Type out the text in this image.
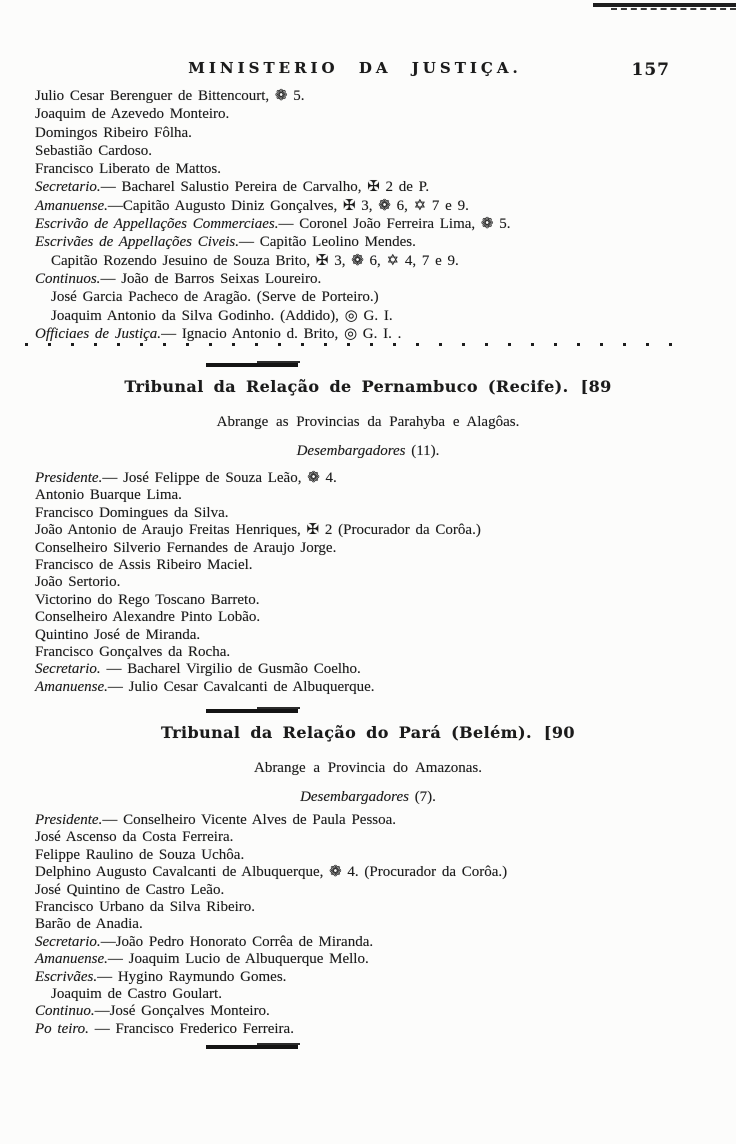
MINISTERIO DA JUSTIÇA.	157
Julio Cesar Berenguer de Bittencourt, ❁ 5.
Joaquim de Azevedo Monteiro.
Domingos Ribeiro Fôlha.
Sebastião Cardoso.
Francisco Liberato de Mattos.
Secretario.— Bacharel Salustio Pereira de Carvalho, ✠ 2 de P.
Amanuense.—Capitão Augusto Diniz Gonçalves, ✠ 3, ❁ 6, ✡ 7 e 9.
Escrivão de Appellações Commerciaes.— Coronel João Ferreira Lima, ❁ 5.
Escrivães de Appellações Civeis.— Capitão Leolino Mendes.
Capitão Rozendo Jesuino de Souza Brito, ✠ 3, ❁ 6, ✡ 4, 7 e 9.
Continuos.— João de Barros Seixas Loureiro.
José Garcia Pacheco de Aragão. (Serve de Porteiro.)
Joaquim Antonio da Silva Godinho. (Addido), ◎ G. I.
Officiaes de Justiça.— Ignacio Antonio d. Brito, ◎ G. I. .
Tribunal da Relação de Pernambuco (Recife). [89

Abrange as Provincias da Parahyba e Alagôas.

Desembargadores (11).

Presidente.— José Felippe de Souza Leão, ❁ 4.
Antonio Buarque Lima.
Francisco Domingues da Silva.
João Antonio de Araujo Freitas Henriques, ✠ 2 (Procurador da Corôa.)
Conselheiro Silverio Fernandes de Araujo Jorge.
Francisco de Assis Ribeiro Maciel.
João Sertorio.
Victorino do Rego Toscano Barreto.
Conselheiro Alexandre Pinto Lobão.
Quintino José de Miranda.
Francisco Gonçalves da Rocha.
Secretario. — Bacharel Virgilio de Gusmão Coelho.
Amanuense.— Julio Cesar Cavalcanti de Albuquerque.
Tribunal da Relação do Pará (Belém). [90

Abrange a Provincia do Amazonas.

Desembargadores (7).

Presidente.— Conselheiro Vicente Alves de Paula Pessoa.
José Ascenso da Costa Ferreira.
Felippe Raulino de Souza Uchôa.
Delphino Augusto Cavalcanti de Albuquerque, ❁ 4. (Procurador da Corôa.)
José Quintino de Castro Leão.
Francisco Urbano da Silva Ribeiro.
Barão de Anadia.
Secretario.—João Pedro Honorato Corrêa de Miranda.
Amanuense.— Joaquim Lucio de Albuquerque Mello.
Escrivães.— Hygino Raymundo Gomes.
Joaquim de Castro Goulart.
Continuo.—José Gonçalves Monteiro.
Po teiro. — Francisco Frederico Ferreira.
